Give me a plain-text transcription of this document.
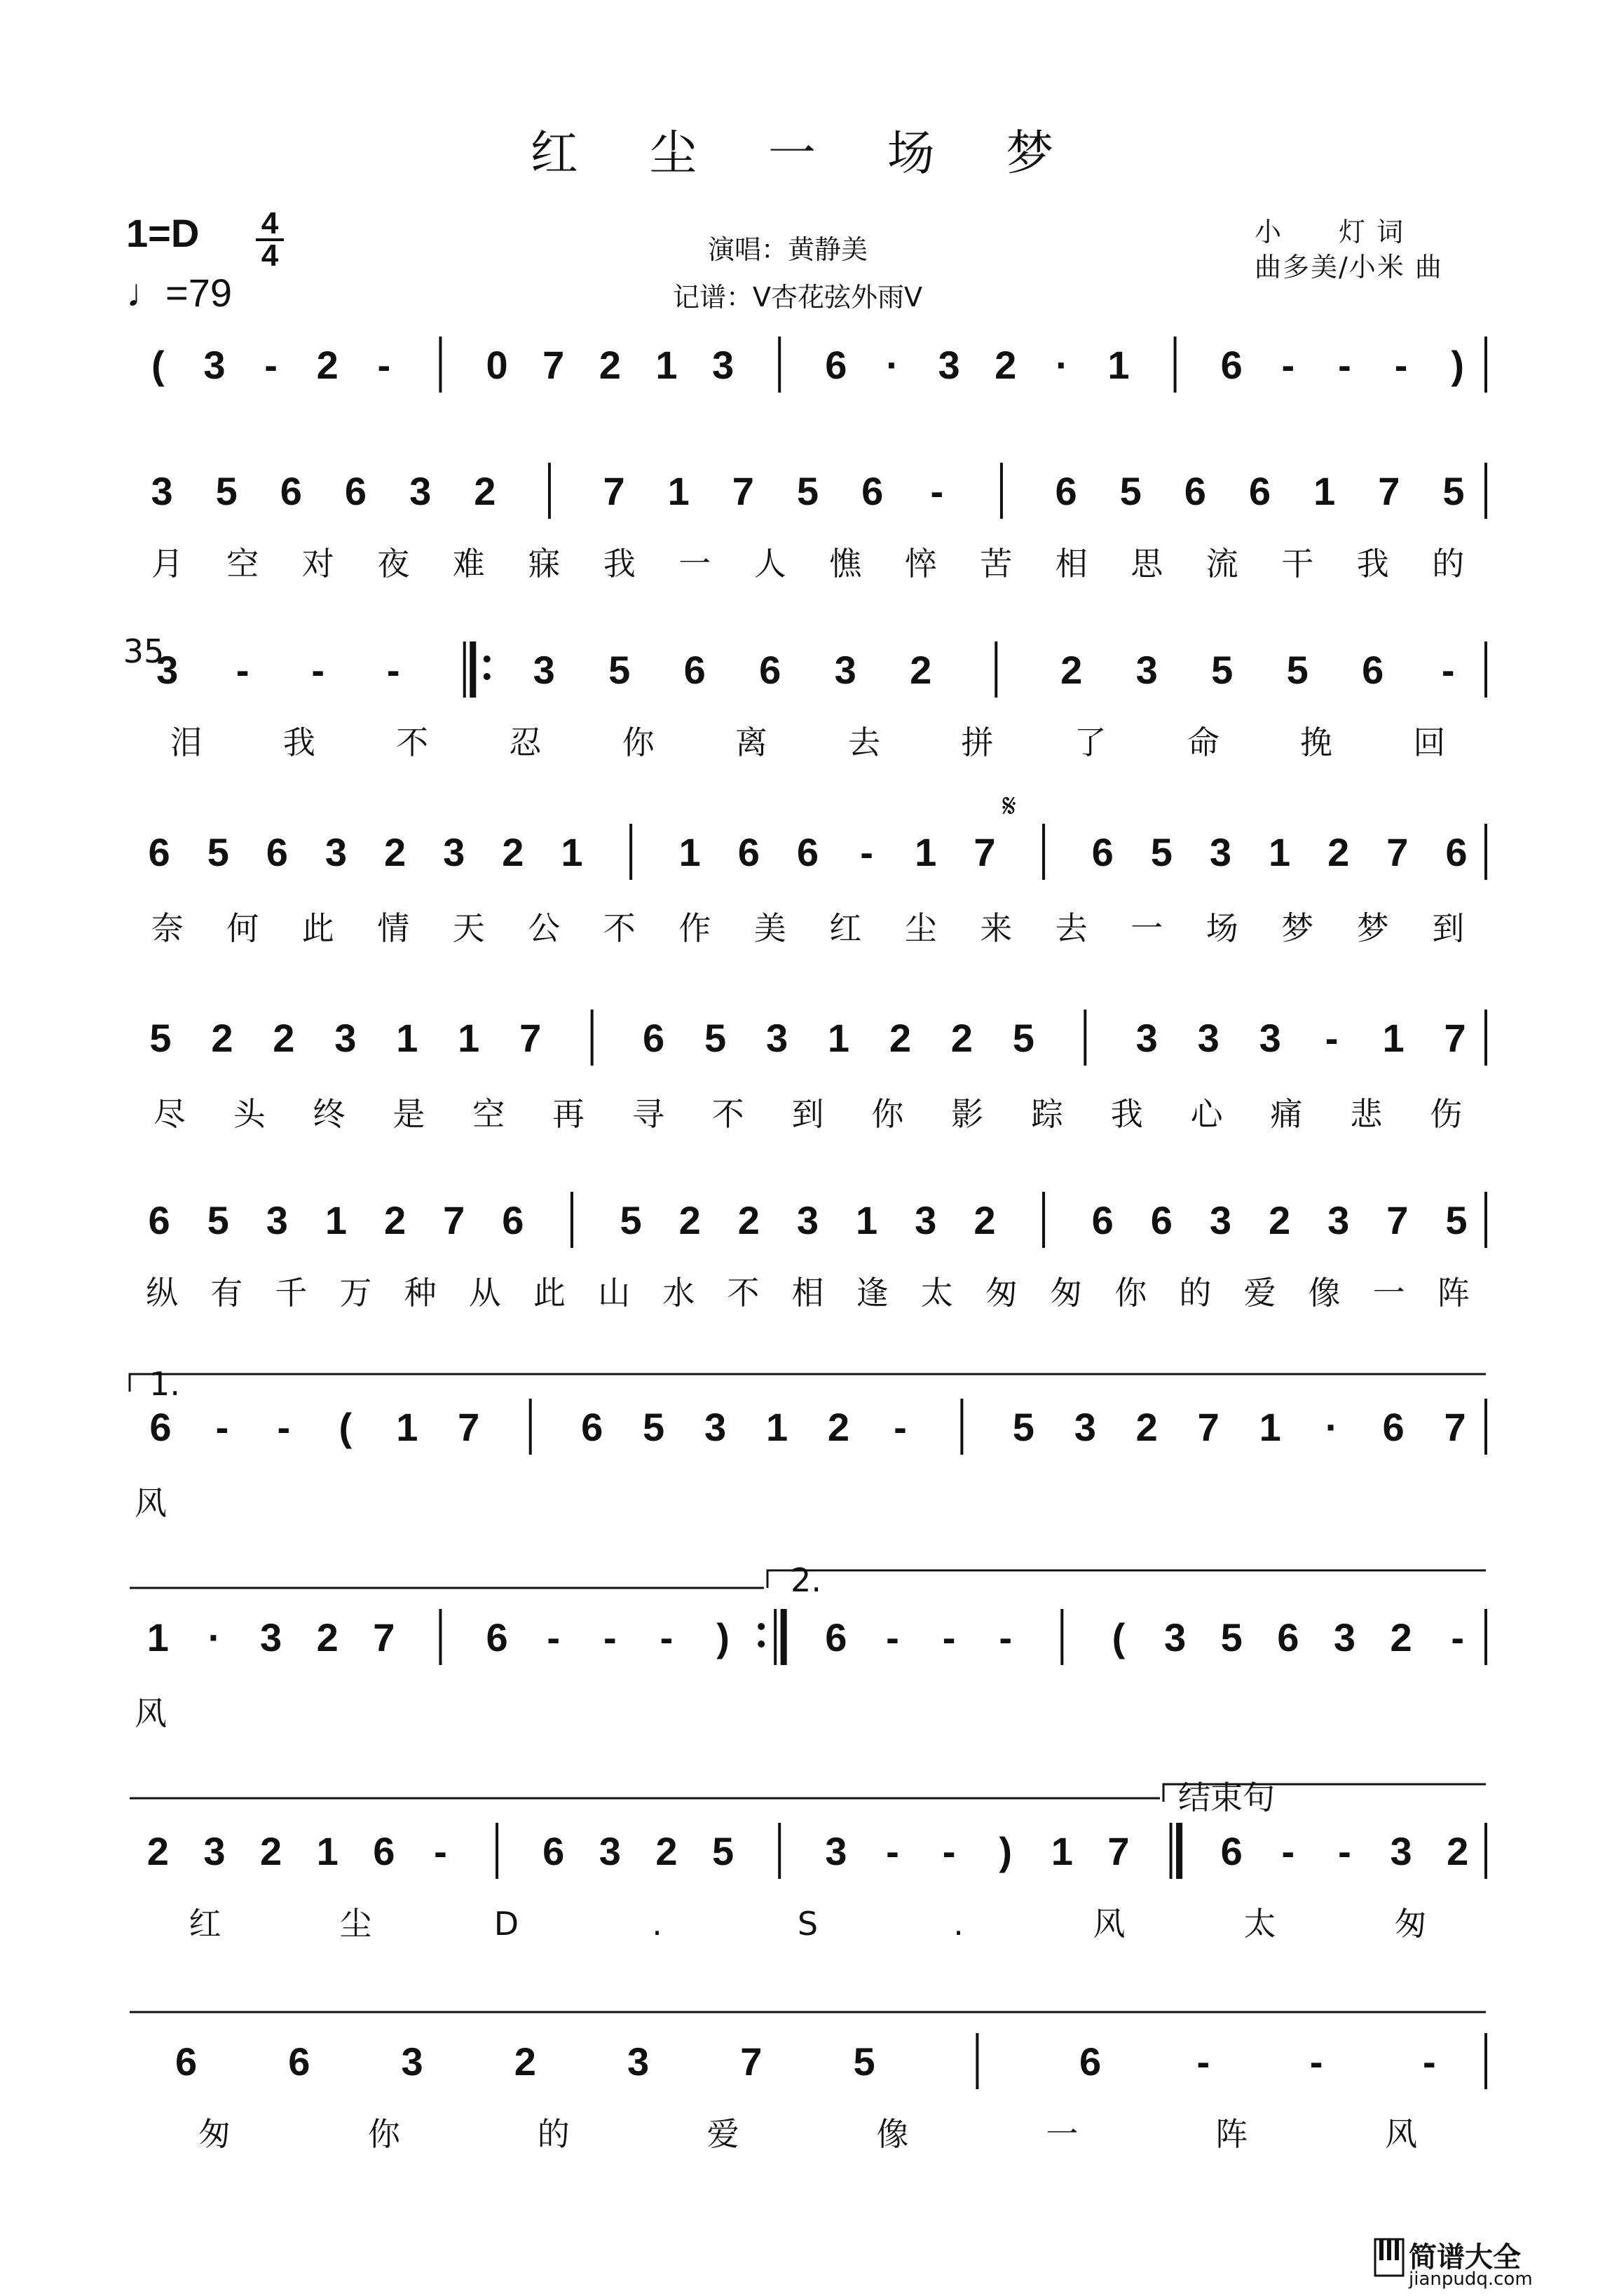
红 尘 一 场 梦
1=D 4
4
♩=79
演唱：黄静美
记谱：V杏花弦外雨V
小　　灯 词
曲多美/小米 曲
( 3 - 2 - 0 7 2 1 3 6 · 3 2 · 1 6 - - - )
3 5 6 6 3 2	7 1 7 5 6 -	6 5 6 6 1 7 5
月 空 对 夜 难 寐 我 一 人 憔 悴 苦 相 思 流 干 我 的
3 - - -	3 5 6 6 3 2	2 3 5 5 6 -
泪	我	不	忍	你	离	去	拼	了	命	挽	回
6 5 6 3 2 3 2 1 1 6 6 - 1 7 6 5 3 1 2 7 6
奈 何 此 情 天 公 不 作 美 红 尘 来 去 一 场 梦 梦 到
5 2 2 3 1 1 7	6 5 3 1 2 2 5	3 3 3 - 1 7
尽 头 终 是 空 再 寻 不 到 你 影 踪 我 心 痛 悲 伤
6 5 3 1 2 7 6 5 2 2 3 1 3 2 6 6 3 2 3 7 5
纵 有 千 万 种 从 此 山 水 不 相 逢 太 匆 匆 你 的 爱 像 一 阵
6 - - ( 1 7	6 5 3 1 2 -	5 3 2 7 1 · 6 7
风
1 · 3 2 7 6 - - - ) 6 - - -	( 3 5 6 3 2 -
风
2 3 2 1 6 - 6 3 2 5 3 - - ) 1 7 6 - - 3 2
红	尘	D	.	S	.	风	太	匆
6 6 3 2 3 7 5	6 -	-	-
匆	你	的	爱	像	一	阵	风
1.
2.
结束句
𝄋
35
简谱大全
jianpudq.com
